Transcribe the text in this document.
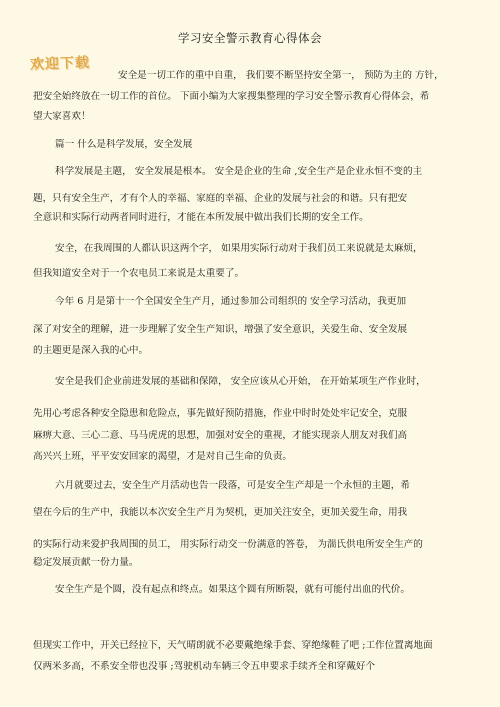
学习安全警示教育心得体会
欢迎下载
安全是一切工作的重中自重， 我们要不断坚持安全第一， 预防为主的 方针，
把安全始终放在一切工作的首位。 下面小编为大家搜集整理的学习安全警示教育心得体会，希
望大家喜欢！
篇一 什么是科学发展，安全发展
科学发展是主题， 安全发展是根本。 安全是企业的生命 ,安全生产是企业永恒不变的主
题，只有安全生产，才有个人的幸福、家庭的幸福、企业的发展与社会的和谐。只有把安
全意识和实际行动两者同时进行，才能在本所发展中做出我们长期的安全工作。
安全，在我周围的人都认识这两个字， 如果用实际行动对于我们员工来说就是太麻烦，
但我知道安全对于一个农电员工来说是太重要了。
今年 6 月是第十一个全国安全生产月，通过参加公司组织的 安全学习活动，我更加
深了对安全的理解，进一步理解了安全生产知识，增强了安全意识，关爱生命、安全发展
的主题更是深入我的心中。
安全是我们企业前进发展的基础和保障， 安全应该从心开始， 在开始某项生产作业时，
先用心考虑各种安全隐患和危险点，事先做好预防措施，作业中时时处处牢记安全，克服
麻痹大意、三心二意、马马虎虎的思想，加强对安全的重视，才能实现亲人朋友对我们高
高兴兴上班，平平安安回家的渴望，才是对自己生命的负责。
六月就要过去，安全生产月活动也告一段落，可是安全生产却是一个永恒的主题，希
望在今后的生产中，我能以本次安全生产月为契机，更加关注安全，更加关爱生命，用我
的实际行动来爱护我周围的员工， 用实际行动交一份满意的答卷， 为湍氏供电所安全生产的
稳定发展贡献一份力量。
安全生产是个圆，没有起点和终点。如果这个圆有所断裂，就有可能付出血的代价。
但现实工作中，开关已经拉下，天气晴朗就不必要戴绝缘手套、穿绝缘鞋了吧 ;工作位置离地面
仅两米多高，不系安全带也没事 ;驾驶机动车辆三令五申要求手续齐全和穿戴好个
